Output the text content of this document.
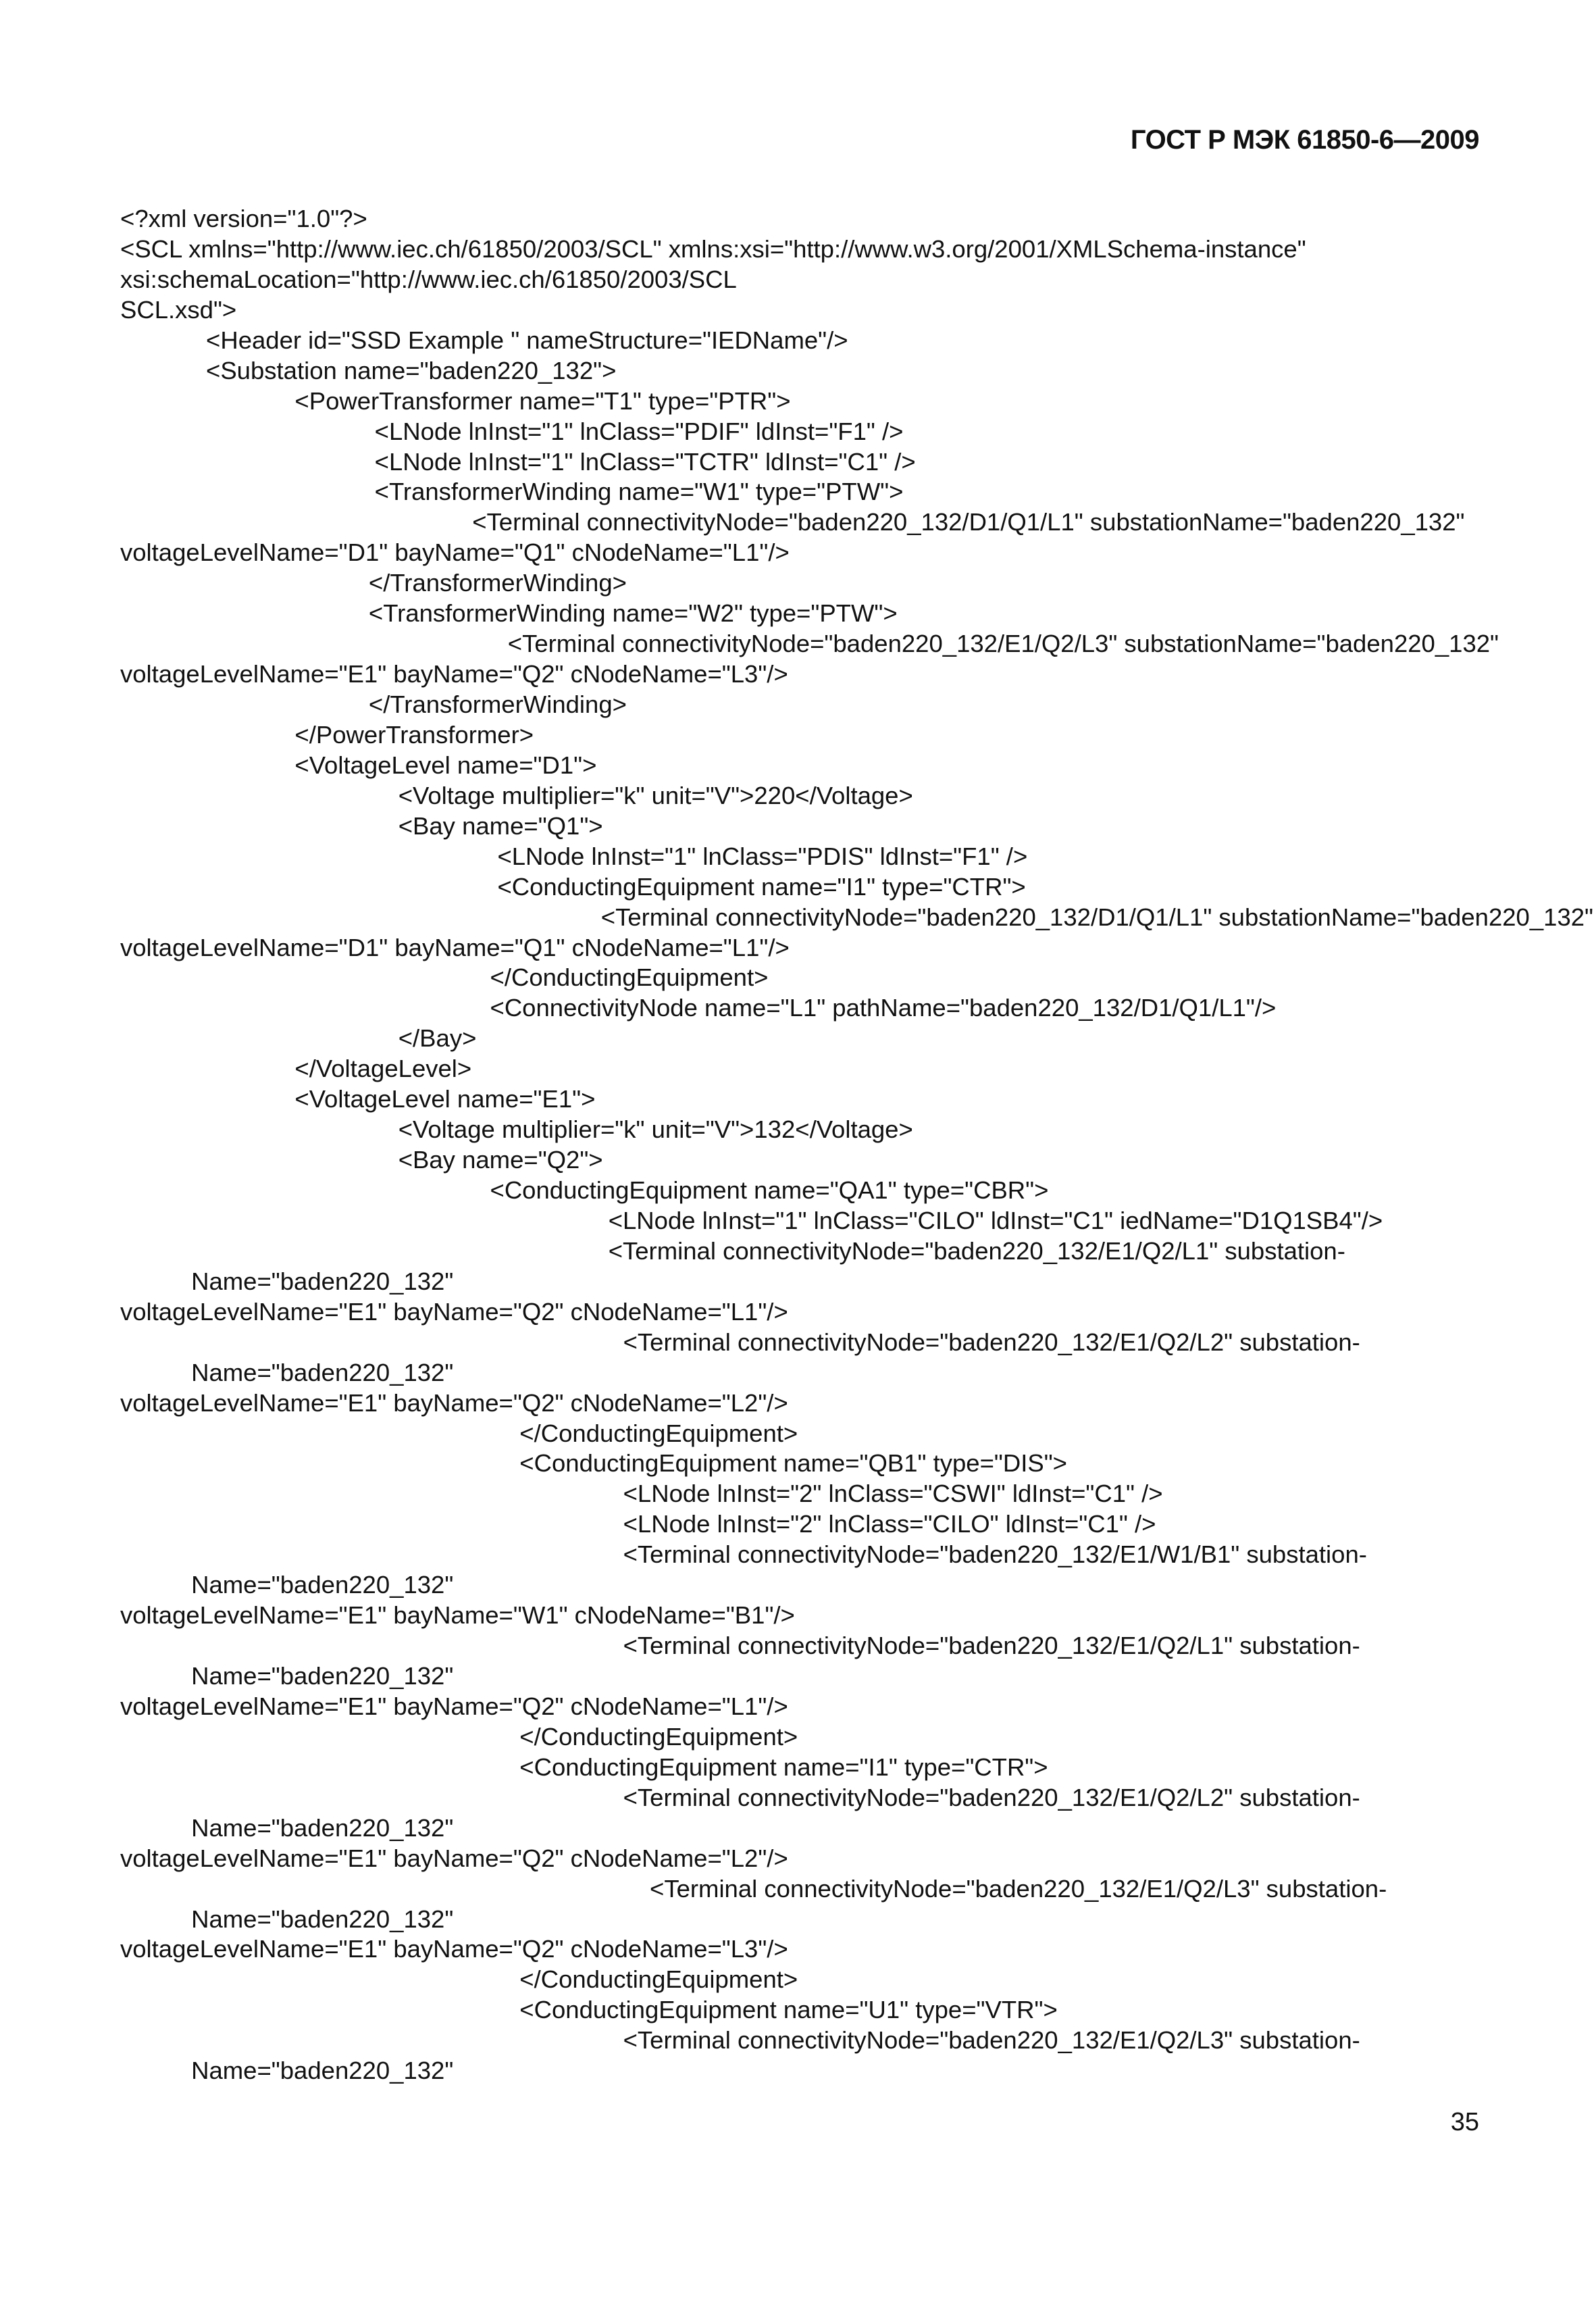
ГОСТ Р МЭК 61850-6—2009
<?xml version="1.0"?>
<SCL xmlns="http://www.iec.ch/61850/2003/SCL" xmlns:xsi="http://www.w3.org/2001/XMLSchema-instance"
xsi:schemaLocation="http://www.iec.ch/61850/2003/SCL
SCL.xsd">
<Header id="SSD Example " nameStructure="IEDName"/>
<Substation name="baden220_132">
<PowerTransformer name="T1" type="PTR">
<LNode lnInst="1" lnClass="PDIF" ldInst="F1" />
<LNode lnInst="1" lnClass="TCTR" ldInst="C1" />
<TransformerWinding name="W1" type="PTW">
<Terminal connectivityNode="baden220_132/D1/Q1/L1" substationName="baden220_132"
voltageLevelName="D1" bayName="Q1" cNodeName="L1"/>
</TransformerWinding>
<TransformerWinding name="W2" type="PTW">
<Terminal connectivityNode="baden220_132/E1/Q2/L3" substationName="baden220_132"
voltageLevelName="E1" bayName="Q2" cNodeName="L3"/>
</TransformerWinding>
</PowerTransformer>
<VoltageLevel name="D1">
<Voltage multiplier="k" unit="V">220</Voltage>
<Bay name="Q1">
<LNode lnInst="1" lnClass="PDIS" ldInst="F1" />
<ConductingEquipment name="I1" type="CTR">
<Terminal connectivityNode="baden220_132/D1/Q1/L1" substationName="baden220_132"
voltageLevelName="D1" bayName="Q1" cNodeName="L1"/>
</ConductingEquipment>
<ConnectivityNode name="L1" pathName="baden220_132/D1/Q1/L1"/>
</Bay>
</VoltageLevel>
<VoltageLevel name="E1">
<Voltage multiplier="k" unit="V">132</Voltage>
<Bay name="Q2">
<ConductingEquipment name="QA1" type="CBR">
<LNode lnInst="1" lnClass="CILO" ldInst="C1" iedName="D1Q1SB4"/>
<Terminal connectivityNode="baden220_132/E1/Q2/L1" substation-
Name="baden220_132"
voltageLevelName="E1" bayName="Q2" cNodeName="L1"/>
<Terminal connectivityNode="baden220_132/E1/Q2/L2" substation-
Name="baden220_132"
voltageLevelName="E1" bayName="Q2" cNodeName="L2"/>
</ConductingEquipment>
<ConductingEquipment name="QB1" type="DIS">
<LNode lnInst="2" lnClass="CSWI" ldInst="C1" />
<LNode lnInst="2" lnClass="CILO" ldInst="C1" />
<Terminal connectivityNode="baden220_132/E1/W1/B1" substation-
Name="baden220_132"
voltageLevelName="E1" bayName="W1" cNodeName="B1"/>
<Terminal connectivityNode="baden220_132/E1/Q2/L1" substation-
Name="baden220_132"
voltageLevelName="E1" bayName="Q2" cNodeName="L1"/>
</ConductingEquipment>
<ConductingEquipment name="I1" type="CTR">
<Terminal connectivityNode="baden220_132/E1/Q2/L2" substation-
Name="baden220_132"
voltageLevelName="E1" bayName="Q2" cNodeName="L2"/>
<Terminal connectivityNode="baden220_132/E1/Q2/L3" substation-
Name="baden220_132"
voltageLevelName="E1" bayName="Q2" cNodeName="L3"/>
</ConductingEquipment>
<ConductingEquipment name="U1" type="VTR">
<Terminal connectivityNode="baden220_132/E1/Q2/L3" substation-
Name="baden220_132"
35
